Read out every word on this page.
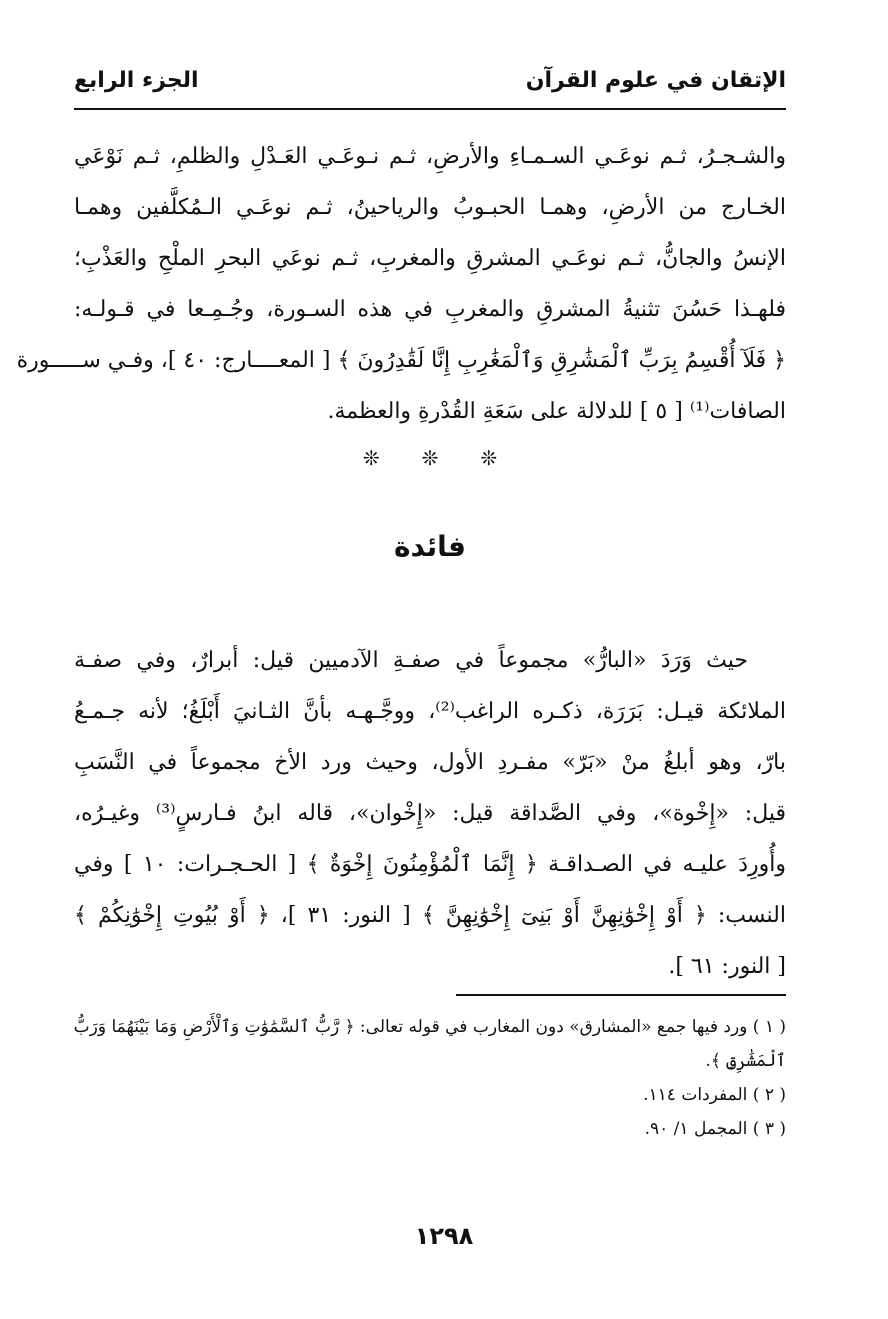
الإتقان في علوم القرآن
الجزء الرابع
والشـجـرُ، ثـم نوعَـي السـمـاءِ والأرضِ، ثـم نـوعَـي العَـدْلِ والظلمِ، ثـم نَوْعَي
الخـارج من الأرضِ، وهمـا الحبـوبُ والرياحينُ، ثـم نوعَـي الـمُكلَّفين وهمـا
الإنسُ والجانُّ، ثـم نوعَـي المشرقِ والمغربِ، ثـم نوعَي البحرِ الملْحِ والعَذْبِ؛
فلهـذا حَسُنَ تثنيةُ المشرقِ والمغربِ في هذه السـورة، وجُـمِـعا في قـولـه:
﴿ فَلَآ أُقْسِمُ بِرَبِّ ٱلْمَشَٰرِقِ وَٱلْمَغَٰرِبِ إِنَّا لَقَٰدِرُونَ ﴾ [ المعــــارج: ٤٠ ]، وفـي ســـــورة
الصافات⁽¹⁾ [ ٥ ] للدلالة على سَعَةِ القُدْرةِ والعظمة.
❊ ❊ ❊
فائدة
حيث وَرَدَ «البارُّ» مجموعاً في صفـةِ الآدميين قيل: أبرارٌ، وفي صفـة
الملائكة قيـل: بَرَرَة، ذكـره الراغب⁽²⁾، ووجَّـهـه بأنَّ الثـانيَ أَبْلَغُ؛ لأنه جـمـعُ
بارّ، وهو أبلغُ منْ «بَرّ» مفـردِ الأول، وحيث ورد الأخ مجموعاً في النَّسَبِ
قيل: «إِخْوة»، وفي الصَّداقة قيل: «إِخْوان»، قاله ابنُ فـارسٍ⁽³⁾ وغيـرُه،
وأُورِدَ عليـه في الصـداقـة ﴿ إِنَّمَا ٱلْمُؤْمِنُونَ إِخْوَةٌ ﴾ [ الحـجـرات: ١٠ ] وفي
النسب: ﴿ أَوْ إِخْوَٰنِهِنَّ أَوْ بَنِىٓ إِخْوَٰنِهِنَّ ﴾ [ النور: ٣١ ]، ﴿ أَوْ بُيُوتِ إِخْوَٰنِكُمْ ﴾
[ النور: ٦١ ].
( ١ ) ورد فيها جمع «المشارق» دون المغارب في قوله تعالى: ﴿ رَّبُّ ٱلسَّمَٰوَٰتِ وَٱلْأَرْضِ وَمَا بَيْنَهُمَا وَرَبُّ
ٱلْمَشَٰرِقِ ﴾.
( ٢ ) المفردات ١١٤.
( ٣ ) المجمل ١/ ٩٠.
١٢٩٨
